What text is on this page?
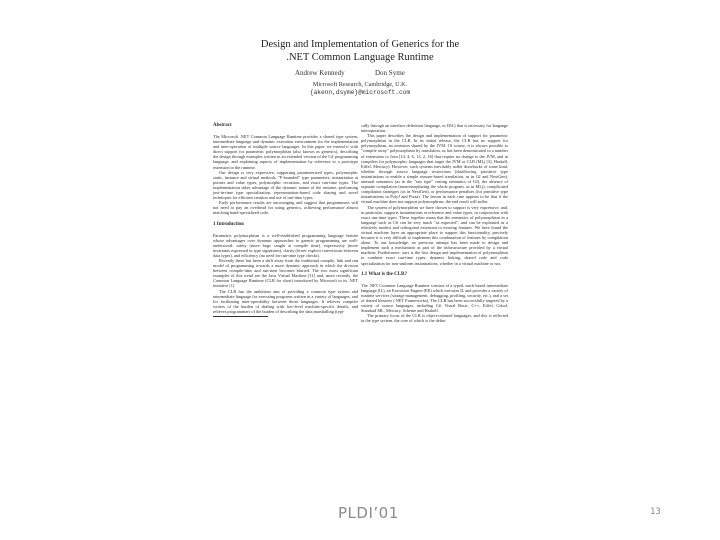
Design and Implementation of Generics for the
.NET Common Language Runtime
Andrew Kennedy	Don Syme
Microsoft Research, Cambridge, U.K.
{akenn,dsyme}@microsoft.com
Abstract

The Microsoft .NET Common Language Runtime provides a shared type system, intermediate language and dynamic execution environment for the implementation and inter-operation of multiple source languages. In this paper we extend it with direct support for parametric polymorphism (also known as generics), describing the design through examples written in an extended version of the C# programming language, and explaining aspects of implementation by reference to a prototype extension to the runtime.

Our design is very expressive, supporting parameterized types, polymorphic static, instance and virtual methods, "F-bounded" type parameters, instantiation at pointer and value types, polymorphic recursion, and exact run-time types. The implementation takes advantage of the dynamic nature of the runtime, performing just-in-time type specialization, representation-based code sharing and novel techniques for efficient creation and use of run-time types.

Early performance results are encouraging and suggest that programmers will not need to pay an overhead for using generics, achieving performance almost matching hand-specialized code.

1 Introduction

Parametric polymorphism is a well-established programming language feature whose advantages over dynamic approaches to generic programming are well-understood: safety (more bugs caught at compile time), expressivity (more invariants expressed in type signatures), clarity (fewer explicit conversions between data types), and efficiency (no need for run-time type checks).

Recently there has been a shift away from the traditional compile, link and run model of programming towards a more dynamic approach in which the division between compile-time and run-time becomes blurred. The two most significant examples of this trend are the Java Virtual Machine [11] and, more recently, the Common Language Runtime (CLR for short) introduced by Microsoft in its .NET initiative [1].

The CLR has the ambitious aim of providing a common type system and intermediate language for executing programs written in a variety of languages, and for facilitating inter-operability between those languages. It relieves compiler writers of the burden of dealing with low-level machine-specific details, and relieves programmers of the burden of describing the data marshalling (typi-

cally through an interface definition language, or IDL) that is necessary for language interoperation.

This paper describes the design and implementation of support for parametric polymorphism in the CLR. In its initial release, the CLR has no support for polymorphism, an omission shared by the JVM. Of course, it is always possible to "compile away" polymorphism by translation, as has been demonstrated in a number of extensions to Java [14, 4, 6, 13, 2, 16] that require no change to the JVM, and in compilers for polymorphic languages that target the JVM or CLR (MLj [3], Haskell, Eiffel, Mercury). However, such systems inevitably suffer drawbacks of some kind, whether through source language restrictions (disallowing primitive type instantiations to enable a simple erasure-based translation, as in GJ and NextGen), unusual semantics (as in the "raw type" casting semantics of GJ), the absence of separate compilation (monomorphizing the whole program, as in MLj), complicated compilation strategies (as in NextGen), or performance penalties (for primitive type instantiations in PolyJ and Pizza). The lesson in each case appears to be that if the virtual machine does not support polymorphism, the end result will suffer.

The system of polymorphism we have chosen to support is very expressive, and, in particular, supports instantiations at reference and value types, in conjunction with exact run-time types. These together mean that the semantics of polymorphism in a language such as C# can be very much "as expected", and can be explained as a relatively modest and orthogonal extension to existing features. We have found the virtual machine layer an appropriate place to support this functionality, precisely because it is very difficult to implement this combination of features by compilation alone. To our knowledge, no previous attempt has been made to design and implement such a mechanism as part of the infrastructure provided by a virtual machine. Furthermore, ours is the first design and implementation of polymorphism to combine exact run-time types, dynamic linking, shared code and code specialization for non-uniform instantiations, whether in a virtual machine or not.

1.1 What is the CLR?

The .NET Common Language Runtime consists of a typed, stack-based intermediate language (IL), an Execution Engine (EE) which executes IL and provides a variety of runtime services (storage management, debugging, profiling, security, etc.), and a set of shared libraries (.NET Frameworks). The CLR has been successfully targeted by a variety of source languages, including C#, Visual Basic, C++, Eiffel, Cobol, Standard ML, Mercury, Scheme and Haskell.

The primary focus of the CLR is object-oriented languages, and this is reflected in the type system, the core of which is the defini

PLDI’01	13
